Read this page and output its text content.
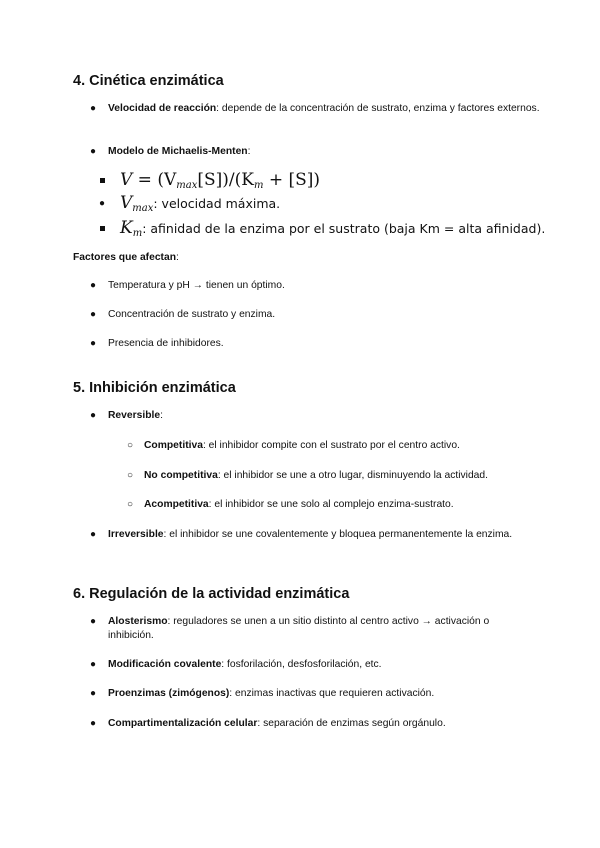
4. Cinética enzimática
● Velocidad de reacción: depende de la concentración de sustrato, enzima y factores externos.
● Modelo de Michaelis-Menten:
$V = (V_{max}[S])/(K_m + [S])$
● $V_{max}$: velocidad máxima.
$K_m$: afinidad de la enzima por el sustrato (baja Km = alta afinidad).
Factores que afectan:
● Temperatura y pH → tienen un óptimo.
● Concentración de sustrato y enzima.
● Presencia de inhibidores.
5. Inhibición enzimática
● Reversible:
○ Competitiva: el inhibidor compite con el sustrato por el centro activo.
○ No competitiva: el inhibidor se une a otro lugar, disminuyendo la actividad.
○ Acompetitiva: el inhibidor se une solo al complejo enzima-sustrato.
● Irreversible: el inhibidor se une covalentemente y bloquea permanentemente la enzima.
6. Regulación de la actividad enzimática
● Alosterismo: reguladores se unen a un sitio distinto al centro activo → activación o inhibición.
● Modificación covalente: fosforilación, desfosforilación, etc.
● Proenzimas (zimógenos): enzimas inactivas que requieren activación.
● Compartimentalización celular: separación de enzimas según orgánulo.
